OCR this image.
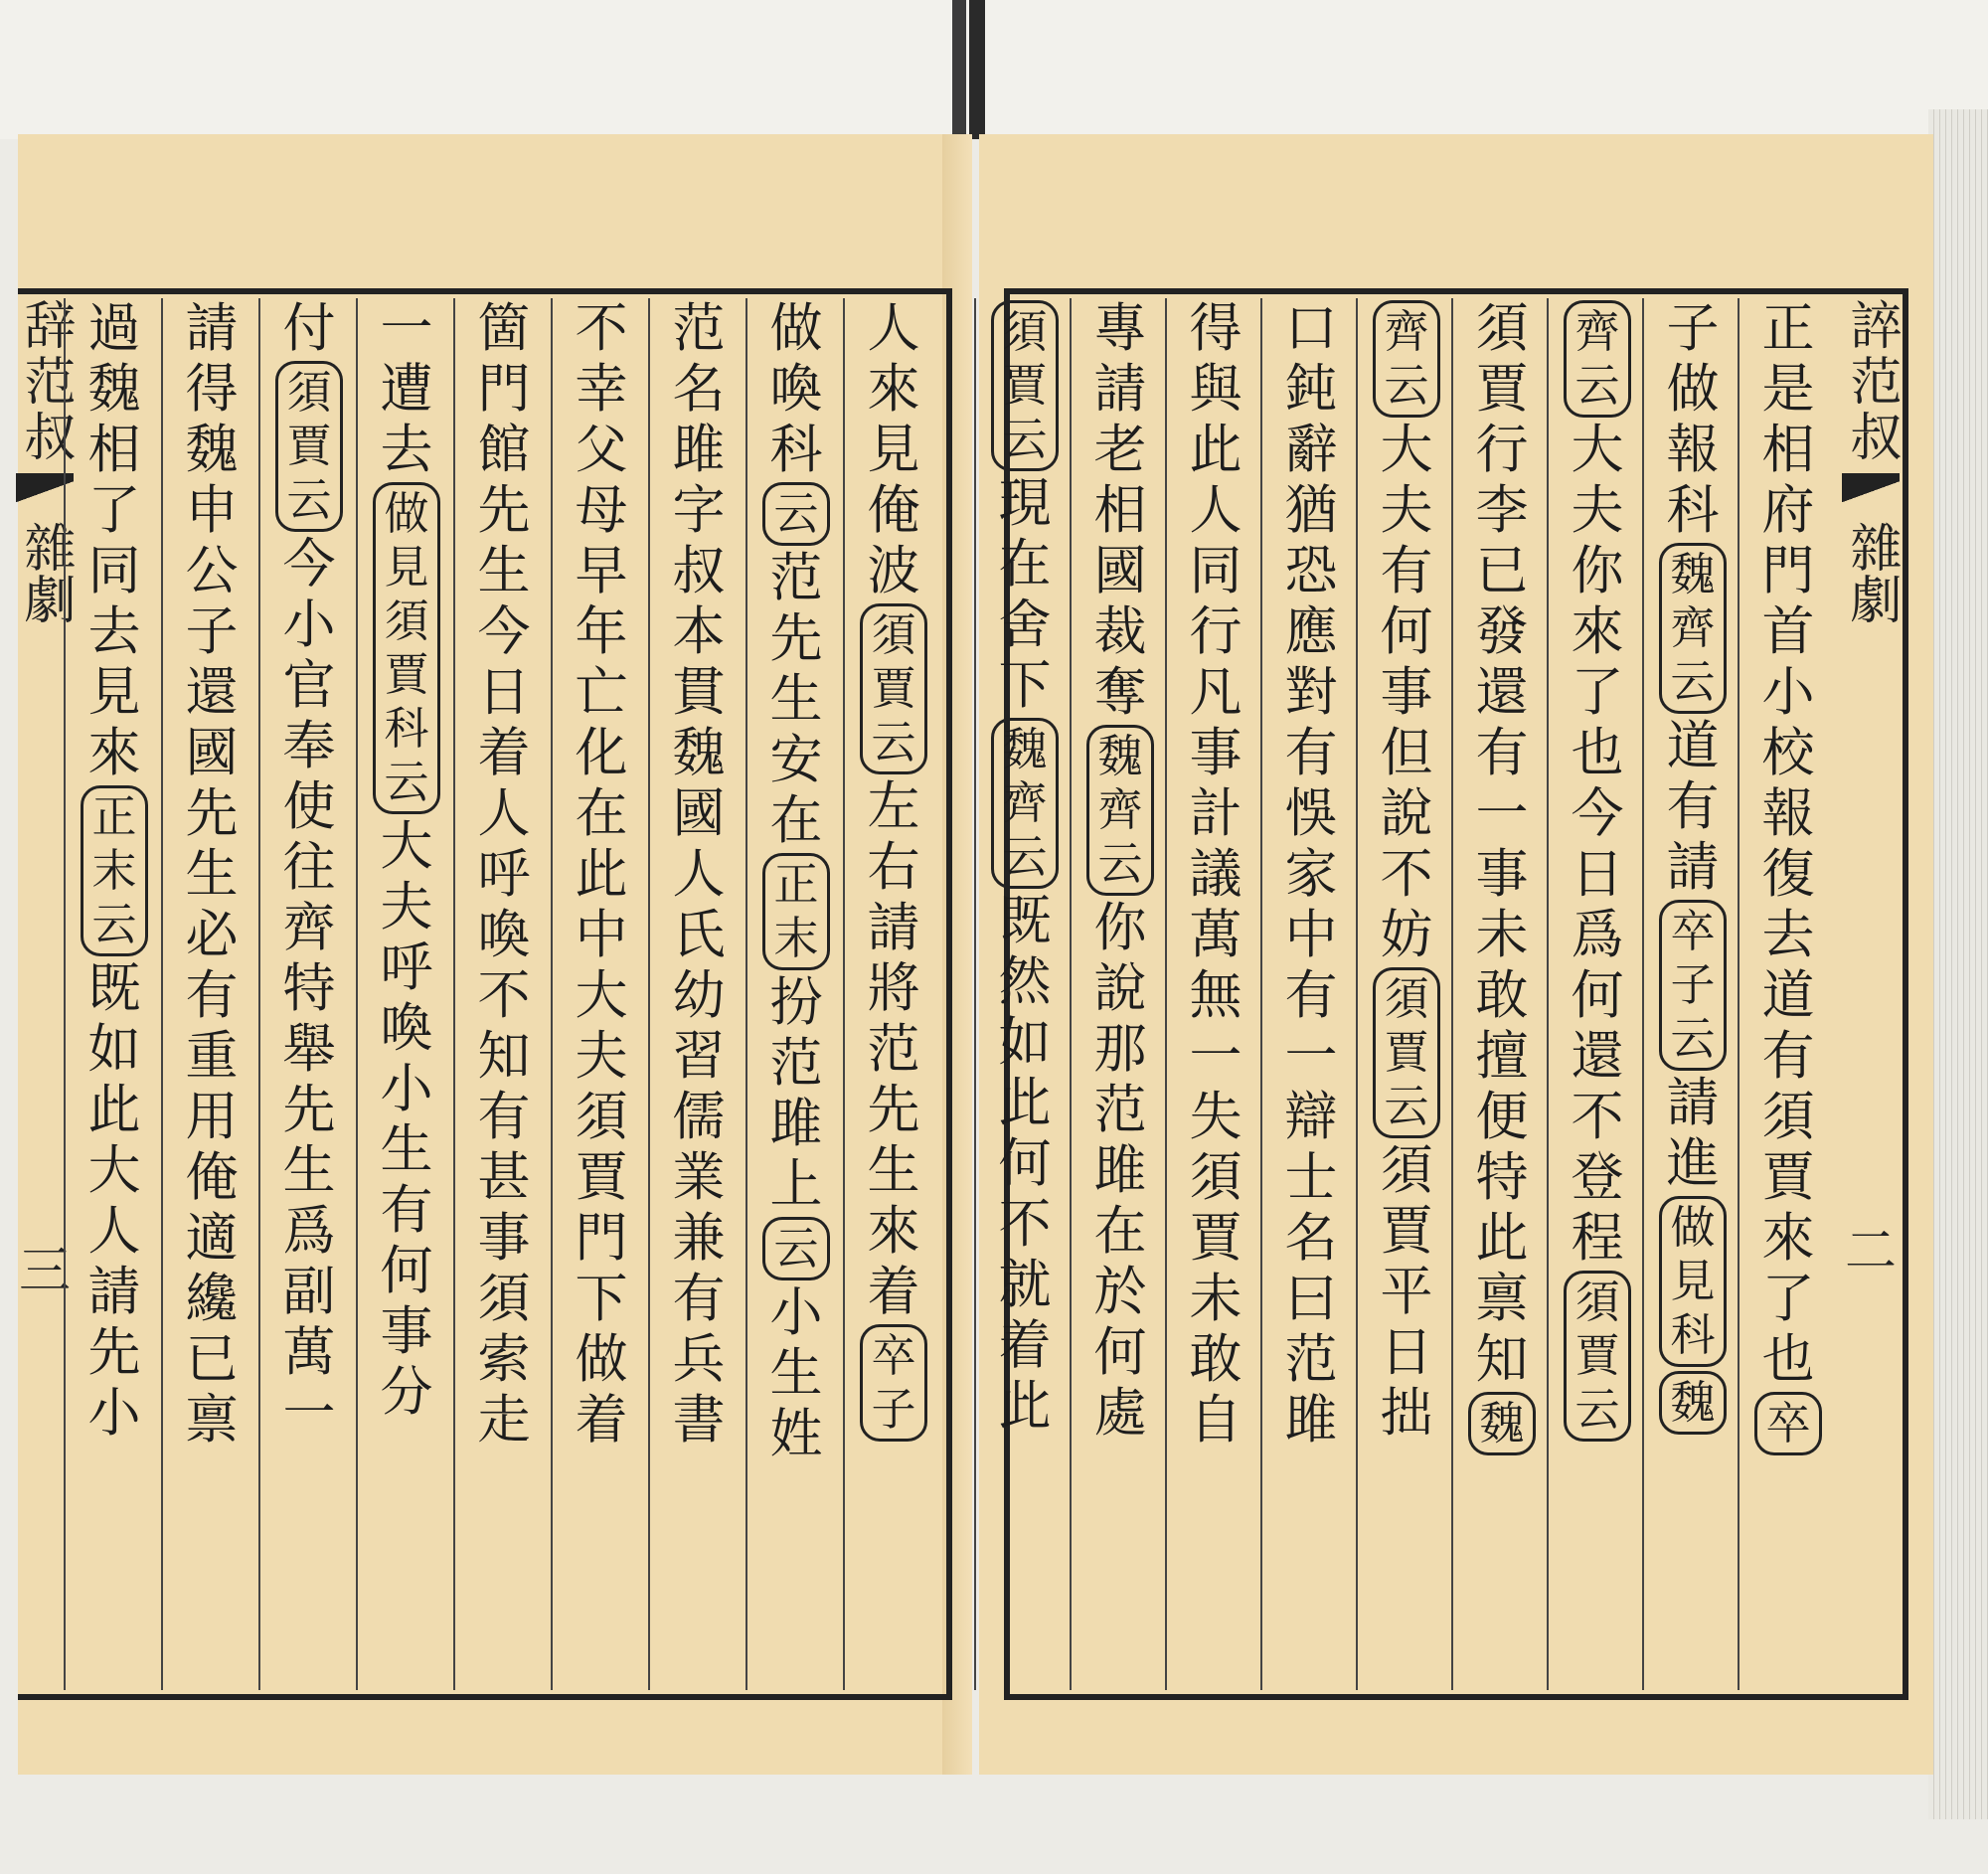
辞范叔
雜劇
三
誶范叔
雜劇
二
人
來
見
俺
波
須
賈
云
左
右
請
將
范
先
生
來
着
卒
子
做
喚
科
云
范
先
生
安
在
正
末
扮
范
雎
上
云
小
生
姓
范
名
雎
字
叔
本
貫
魏
國
人
氏
幼
習
儒
業
兼
有
兵
書
不
幸
父
母
早
年
亡
化
在
此
中
大
夫
須
賈
門
下
做
着
箇
門
館
先
生
今
日
着
人
呼
喚
不
知
有
甚
事
須
索
走
一
遭
去
做
見
須
賈
科
云
大
夫
呼
喚
小
生
有
何
事
分
付
須
賈
云
今
小
官
奉
使
往
齊
特
舉
先
生
爲
副
萬
一
請
得
魏
申
公
子
還
國
先
生
必
有
重
用
俺
適
纔
已
禀
過
魏
相
了
同
去
見
來
正
末
云
既
如
此
大
人
請
先
小
正
是
相
府
門
首
小
校
報
復
去
道
有
須
賈
來
了
也
卒
子
做
報
科
魏
齊
云
道
有
請
卒
子
云
請
進
做
見
科
魏
齊
云
大
夫
你
來
了
也
今
日
爲
何
還
不
登
程
須
賈
云
須
賈
行
李
已
發
還
有
一
事
未
敢
擅
便
特
此
禀
知
魏
齊
云
大
夫
有
何
事
但
說
不
妨
須
賈
云
須
賈
平
日
拙
口
鈍
辭
猶
恐
應
對
有
悞
家
中
有
一
辯
士
名
曰
范
雎
得
與
此
人
同
行
凡
事
計
議
萬
無
一
失
須
賈
未
敢
自
專
請
老
相
國
裁
奪
魏
齊
云
你
說
那
范
雎
在
於
何
處
須
賈
云
現
在
舍
下
魏
齊
云
既
然
如
此
何
不
就
着
此
